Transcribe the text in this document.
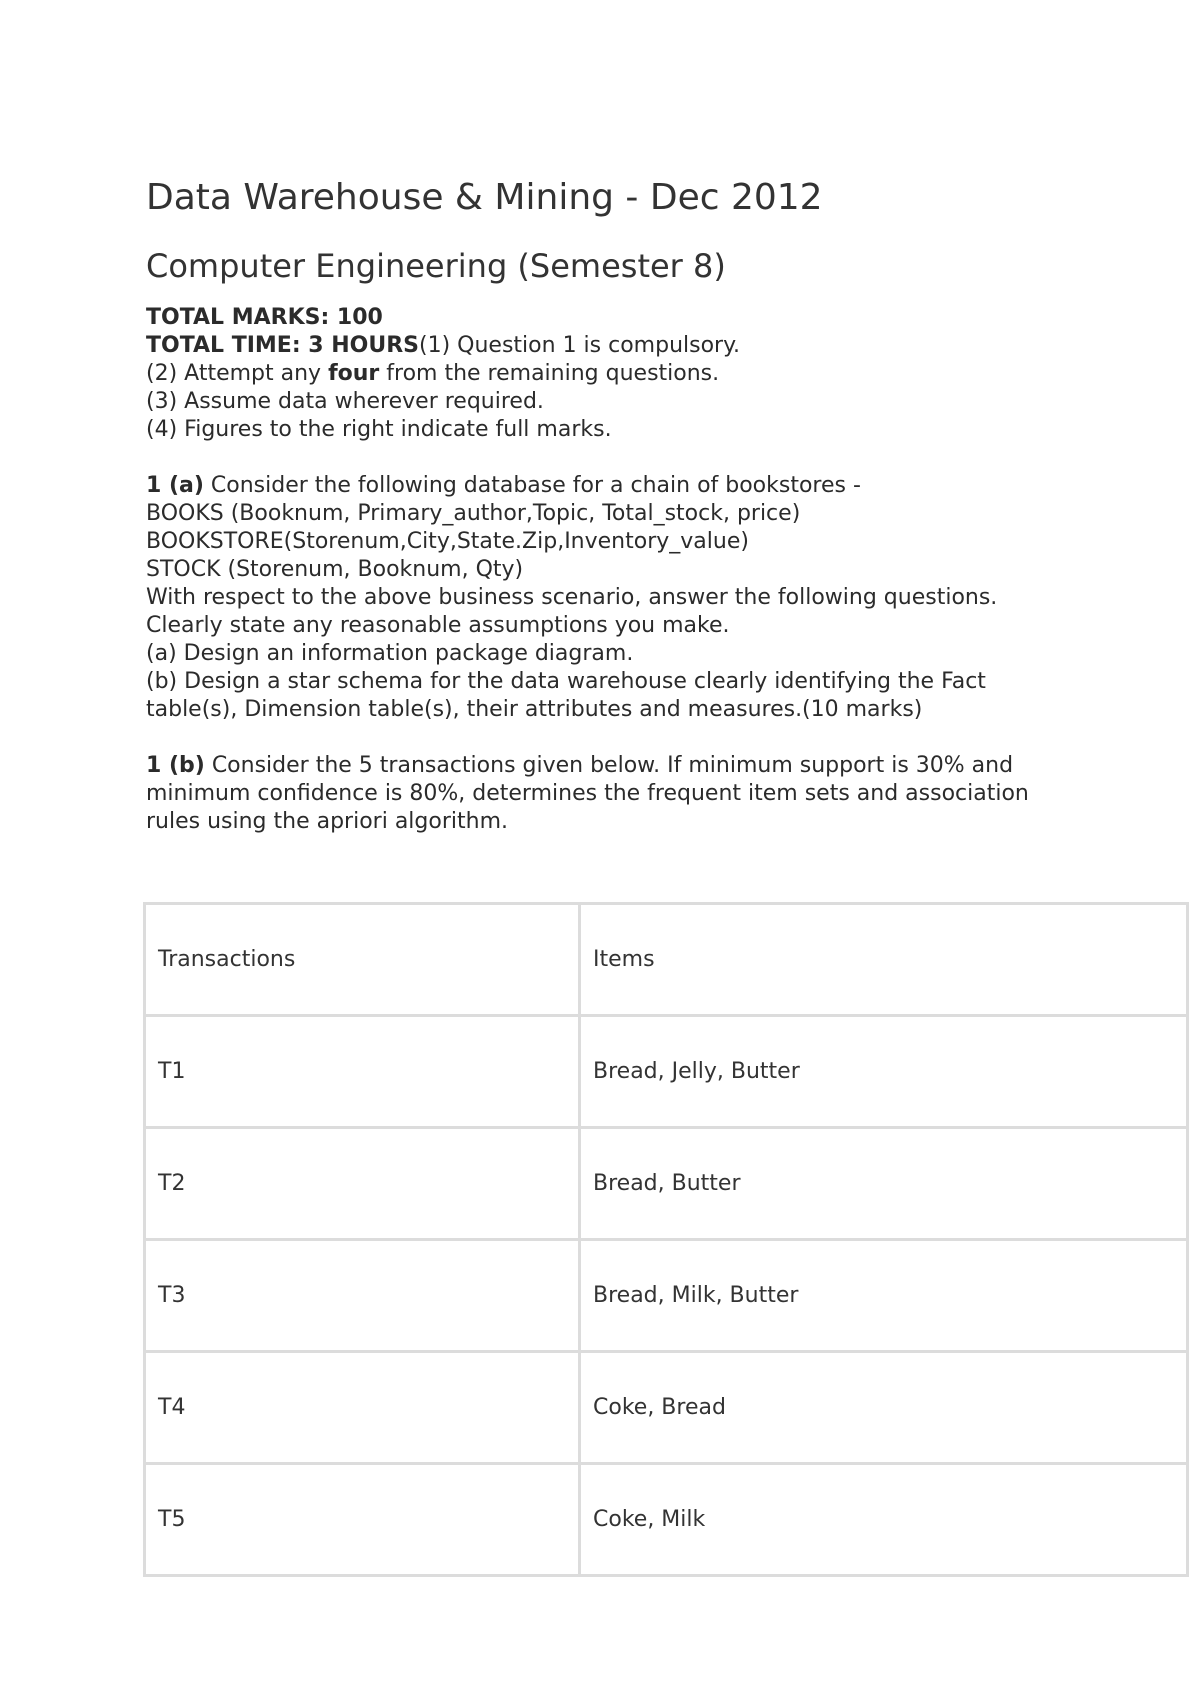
Data Warehouse & Mining - Dec 2012
Computer Engineering (Semester 8)

TOTAL MARKS: 100

TOTAL TIME: 3 HOURS(1) Question 1 is compulsory.

(2) Attempt any four from the remaining questions.

(3) Assume data wherever required.

(4) Figures to the right indicate full marks.

1 (a) Consider the following database for a chain of bookstores -

BOOKS (Booknum, Primary_author,Topic, Total_stock, price)

BOOKSTORE(Storenum,City,State.Zip,Inventory_value)

STOCK (Storenum, Booknum, Qty)

With respect to the above business scenario, answer the following questions. Clearly state any reasonable assumptions you make.

(a) Design an information package diagram.

(b) Design a star schema for the data warehouse clearly identifying the Fact table(s), Dimension table(s), their attributes and measures.(10 marks)

1 (b) Consider the 5 transactions given below. If minimum support is 30% and minimum confidence is 80%, determines the frequent item sets and association rules using the apriori algorithm.

Transactions	Items
T1	Bread, Jelly, Butter
T2	Bread, Butter
T3	Bread, Milk, Butter
T4	Coke, Bread
T5	Coke, Milk
